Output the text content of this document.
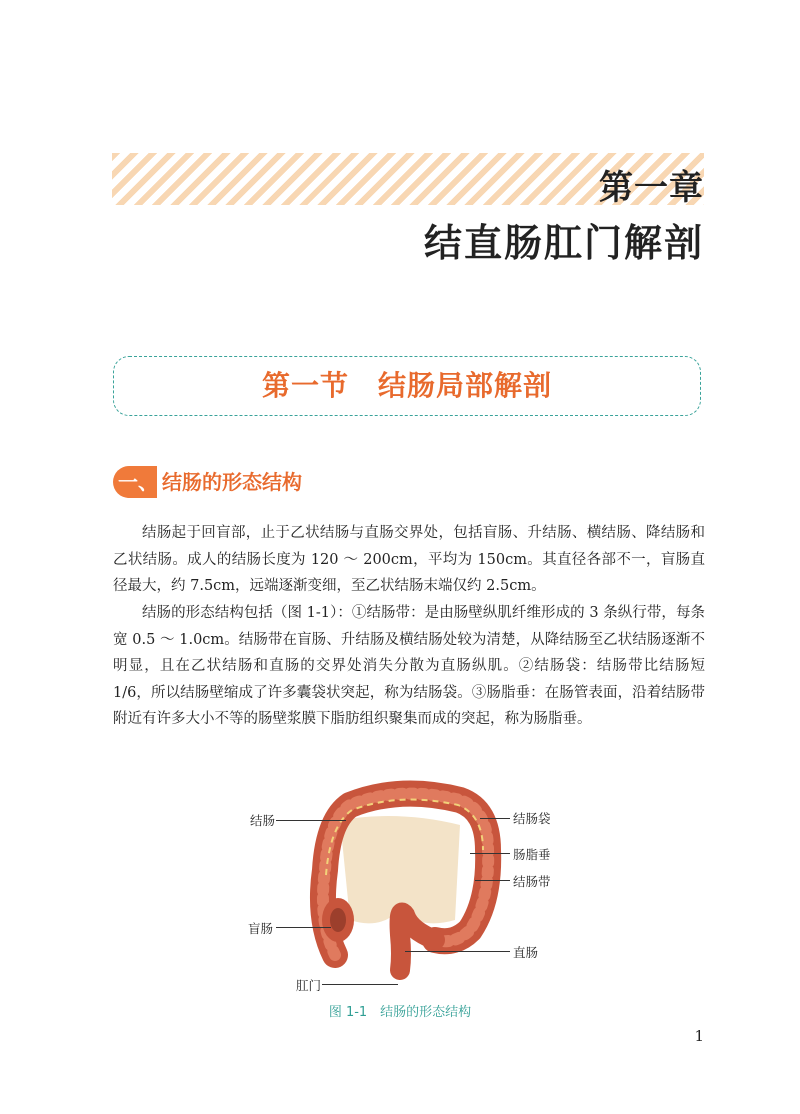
第一章
结直肠肛门解剖
第一节　结肠局部解剖
一、 结肠的形态结构

结肠起于回盲部，止于乙状结肠与直肠交界处，包括盲肠、升结肠、横结肠、降结肠和乙状结肠。成人的结肠长度为 120 ～ 200cm，平均为 150cm。其直径各部不一，盲肠直径最大，约 7.5cm，远端逐渐变细，至乙状结肠末端仅约 2.5cm。

结肠的形态结构包括（图 1-1）：①结肠带：是由肠壁纵肌纤维形成的 3 条纵行带，每条宽 0.5 ～ 1.0cm。结肠带在盲肠、升结肠及横结肠处较为清楚，从降结肠至乙状结肠逐渐不明显，且在乙状结肠和直肠的交界处消失分散为直肠纵肌。②结肠袋：结肠带比结肠短 1/6，所以结肠壁缩成了许多囊袋状突起，称为结肠袋。③肠脂垂：在肠管表面，沿着结肠带附近有许多大小不等的肠壁浆膜下脂肪组织聚集而成的突起，称为肠脂垂。

结肠	结肠袋
肠脂垂
结肠带
盲肠
直肠
肛门
图 1-1　结肠的形态结构
1
